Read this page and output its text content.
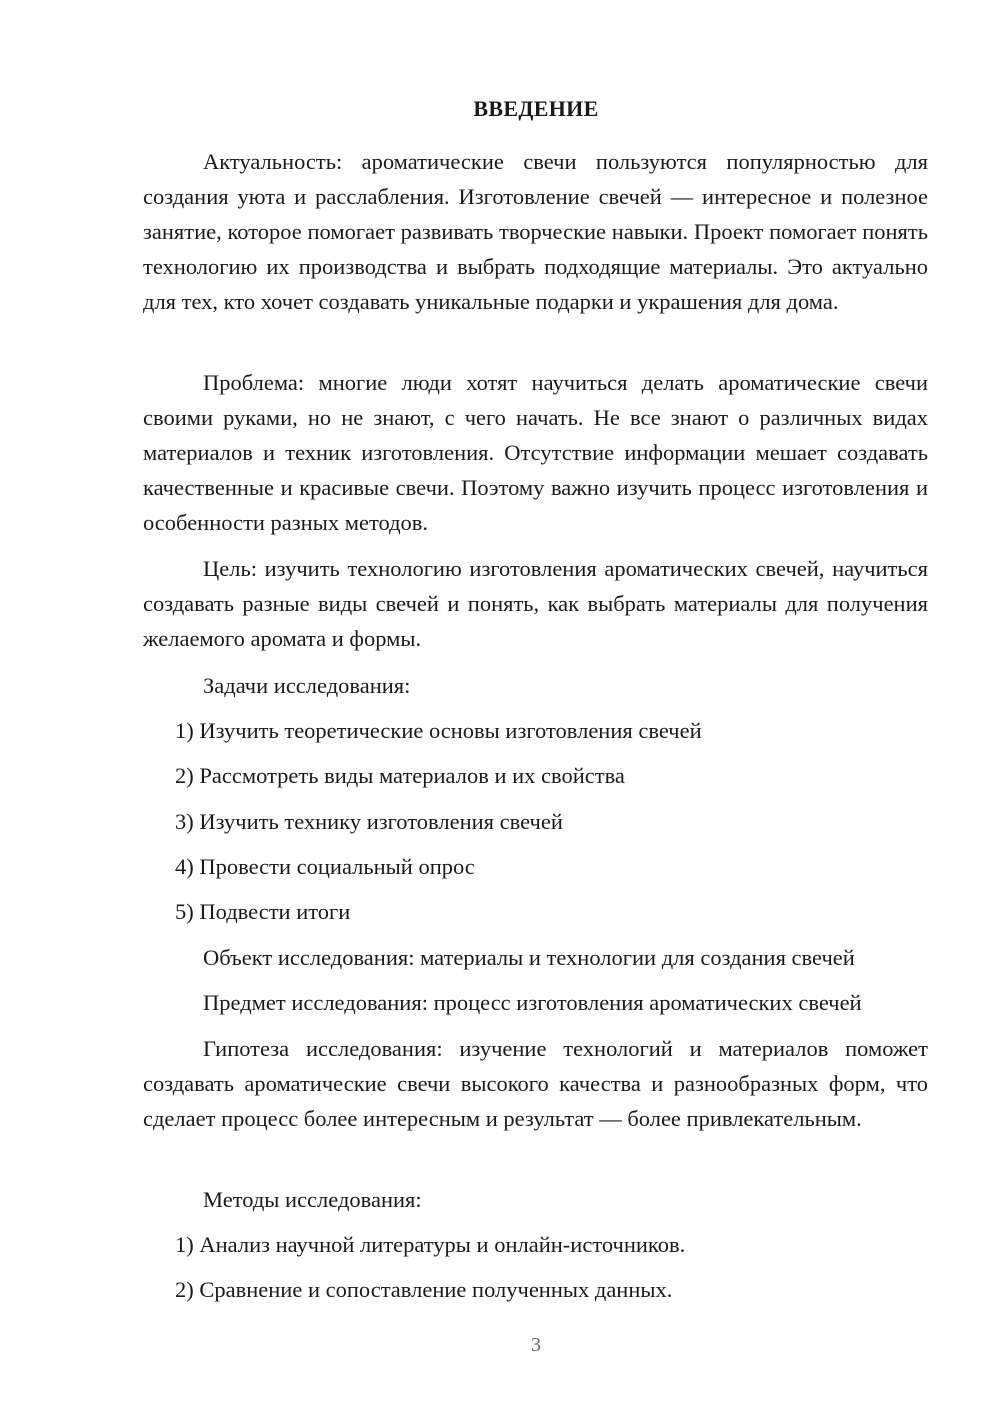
ВВЕДЕНИЕ

Актуальность: ароматические свечи пользуются популярностью для создания уюта и расслабления. Изготовление свечей — интересное и полезное занятие, которое помогает развивать творческие навыки. Проект помогает понять технологию их производства и выбрать подходящие материалы. Это актуально для тех, кто хочет создавать уникальные подарки и украшения для дома.

Проблема: многие люди хотят научиться делать ароматические свечи своими руками, но не знают, с чего начать. Не все знают о различных видах материалов и техник изготовления. Отсутствие информации мешает создавать качественные и красивые свечи. Поэтому важно изучить процесс изготовления и особенности разных методов.

Цель: изучить технологию изготовления ароматических свечей, научиться создавать разные виды свечей и понять, как выбрать материалы для получения желаемого аромата и формы.

Задачи исследования:

1) Изучить теоретические основы изготовления свечей

2) Рассмотреть виды материалов и их свойства

3) Изучить технику изготовления свечей

4) Провести социальный опрос

5) Подвести итоги

Объект исследования: материалы и технологии для создания свечей

Предмет исследования: процесс изготовления ароматических свечей

Гипотеза исследования: изучение технологий и материалов поможет создавать ароматические свечи высокого качества и разнообразных форм, что сделает процесс более интересным и результат — более привлекательным.

Методы исследования:

1) Анализ научной литературы и онлайн-источников.

2) Сравнение и сопоставление полученных данных.

3
